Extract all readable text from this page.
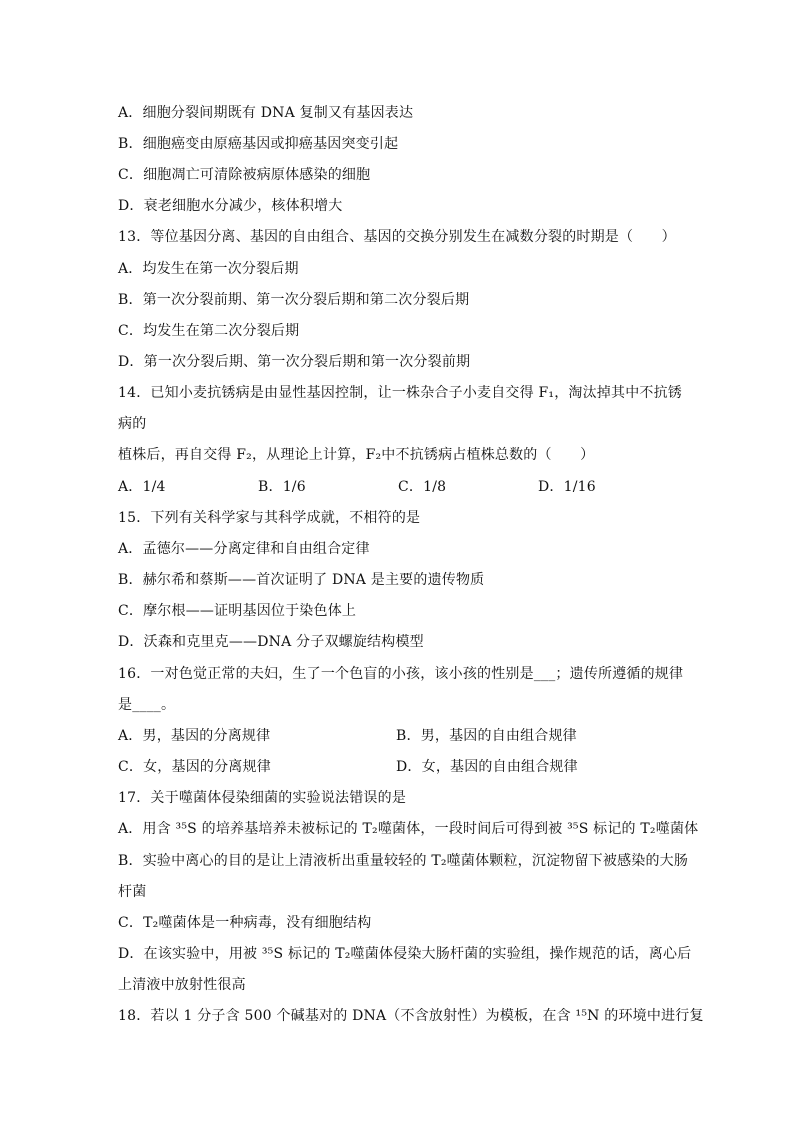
A．细胞分裂间期既有 DNA 复制又有基因表达
B．细胞癌变由原癌基因或抑癌基因突变引起
C．细胞凋亡可清除被病原体感染的细胞
D．衰老细胞水分减少，核体积增大
13．等位基因分离、基因的自由组合、基因的交换分别发生在减数分裂的时期是（　　）
A．均发生在第一次分裂后期
B．第一次分裂前期、第一次分裂后期和第二次分裂后期
C．均发生在第二次分裂后期
D．第一次分裂后期、第一次分裂后期和第一次分裂前期
14．已知小麦抗锈病是由显性基因控制，让一株杂合子小麦自交得 F₁，淘汰掉其中不抗锈
病的
植株后，再自交得 F₂，从理论上计算，F₂中不抗锈病占植株总数的（　　）
A．1/4	B．1/6	C．1/8	D．1/16
15．下列有关科学家与其科学成就，不相符的是
A．孟德尔——分离定律和自由组合定律
B．赫尔希和蔡斯——首次证明了 DNA 是主要的遗传物质
C．摩尔根——证明基因位于染色体上
D．沃森和克里克——DNA 分子双螺旋结构模型
16．一对色觉正常的夫妇，生了一个色盲的小孩，该小孩的性别是___；遗传所遵循的规律
是____。
A．男，基因的分离规律	B．男，基因的自由组合规律
C．女，基因的分离规律	D．女，基因的自由组合规律
17．关于噬菌体侵染细菌的实验说法错误的是
A．用含 ³⁵S 的培养基培养未被标记的 T₂噬菌体，一段时间后可得到被 ³⁵S 标记的 T₂噬菌体
B．实验中离心的目的是让上清液析出重量较轻的 T₂噬菌体颗粒，沉淀物留下被感染的大肠
杆菌
C．T₂噬菌体是一种病毒，没有细胞结构
D．在该实验中，用被 ³⁵S 标记的 T₂噬菌体侵染大肠杆菌的实验组，操作规范的话，离心后
上清液中放射性很高
18．若以 1 分子含 500 个碱基对的 DNA（不含放射性）为模板，在含 ¹⁵N 的环境中进行复
